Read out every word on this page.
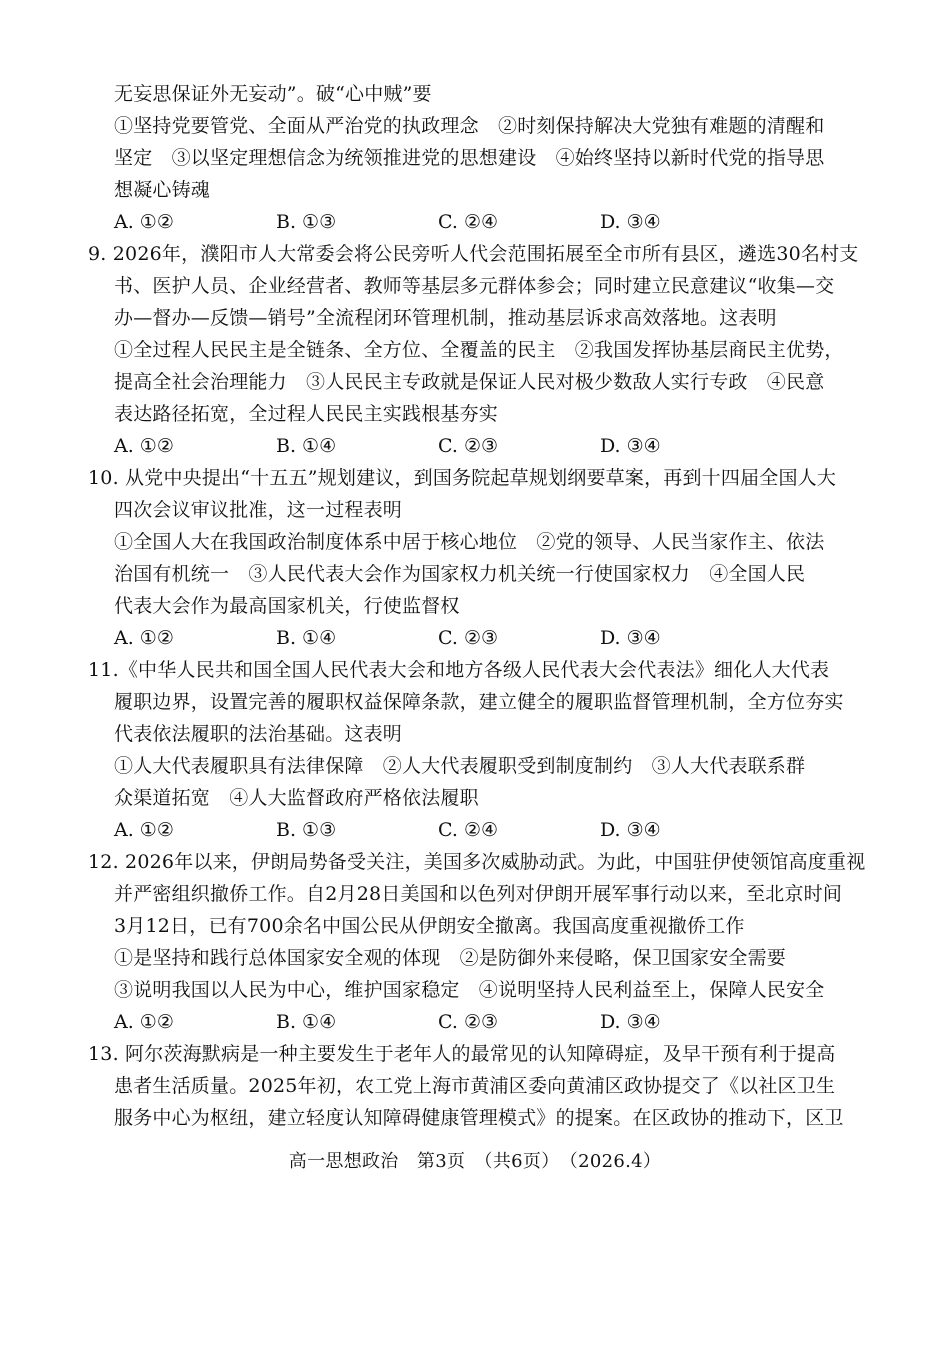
无妄思保证外无妄动”。破“心中贼”要
①坚持党要管党、全面从严治党的执政理念　②时刻保持解决大党独有难题的清醒和
坚定　③以坚定理想信念为统领推进党的思想建设　④始终坚持以新时代党的指导思
想凝心铸魂
A. ①②	B. ①③	C. ②④	D. ③④
9. 2026年，濮阳市人大常委会将公民旁听人代会范围拓展至全市所有县区，遴选30名村支
书、医护人员、企业经营者、教师等基层多元群体参会；同时建立民意建议“收集—交
办—督办—反馈—销号”全流程闭环管理机制，推动基层诉求高效落地。这表明
①全过程人民民主是全链条、全方位、全覆盖的民主　②我国发挥协基层商民主优势，
提高全社会治理能力　③人民民主专政就是保证人民对极少数敌人实行专政　④民意
表达路径拓宽，全过程人民民主实践根基夯实
A. ①②	B. ①④	C. ②③	D. ③④
10. 从党中央提出“十五五”规划建议，到国务院起草规划纲要草案，再到十四届全国人大
四次会议审议批准，这一过程表明
①全国人大在我国政治制度体系中居于核心地位　②党的领导、人民当家作主、依法
治国有机统一　③人民代表大会作为国家权力机关统一行使国家权力　④全国人民
代表大会作为最高国家机关，行使监督权
A. ①②	B. ①④	C. ②③	D. ③④
11.《中华人民共和国全国人民代表大会和地方各级人民代表大会代表法》细化人大代表
履职边界，设置完善的履职权益保障条款，建立健全的履职监督管理机制，全方位夯实
代表依法履职的法治基础。这表明
①人大代表履职具有法律保障　②人大代表履职受到制度制约　③人大代表联系群
众渠道拓宽　④人大监督政府严格依法履职
A. ①②	B. ①③	C. ②④	D. ③④
12. 2026年以来，伊朗局势备受关注，美国多次威胁动武。为此，中国驻伊使领馆高度重视
并严密组织撤侨工作。自2月28日美国和以色列对伊朗开展军事行动以来，至北京时间
3月12日，已有700余名中国公民从伊朗安全撤离。我国高度重视撤侨工作
①是坚持和践行总体国家安全观的体现　②是防御外来侵略，保卫国家安全需要
③说明我国以人民为中心，维护国家稳定　④说明坚持人民利益至上，保障人民安全
A. ①②	B. ①④	C. ②③	D. ③④
13. 阿尔茨海默病是一种主要发生于老年人的最常见的认知障碍症，及早干预有利于提高
患者生活质量。2025年初，农工党上海市黄浦区委向黄浦区政协提交了《以社区卫生
服务中心为枢纽，建立轻度认知障碍健康管理模式》的提案。在区政协的推动下，区卫
高一思想政治　第3页　（共6页）　（2026.4）
